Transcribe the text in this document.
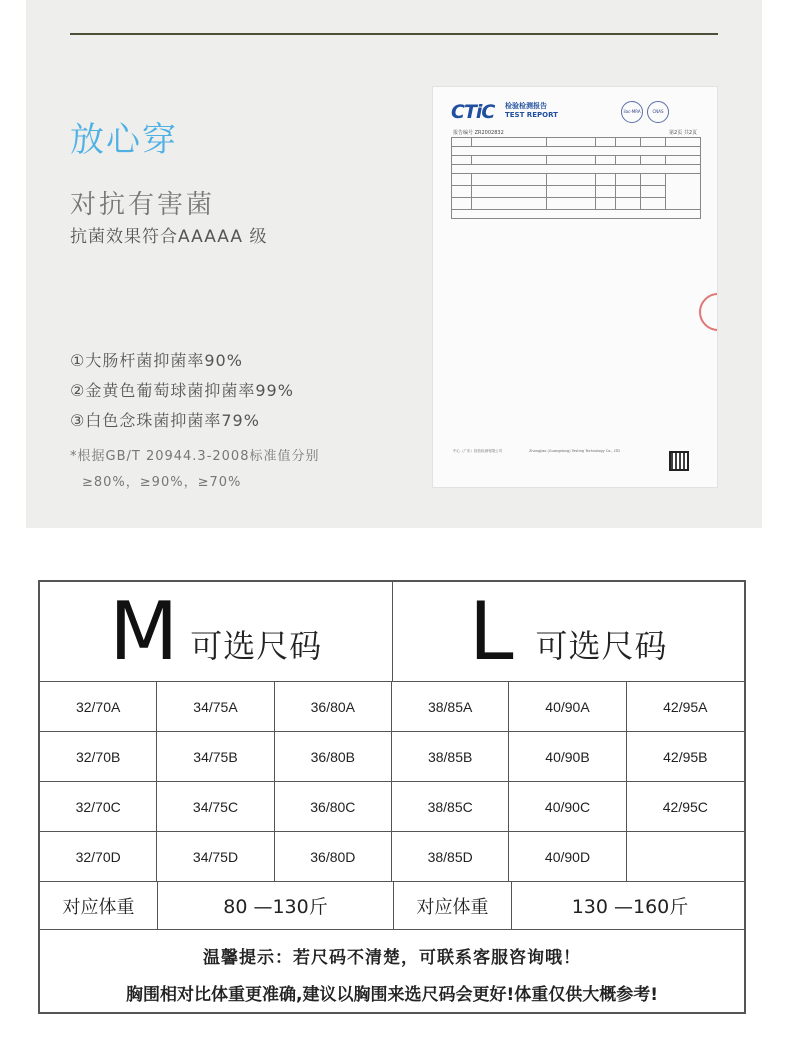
放心穿
对抗有害菌
抗菌效果符合AAAAA 级
①大肠杆菌抑菌率90%
②金黄色葡萄球菌抑菌率99%
③白色念珠菌抑菌率79%
*根据GB/T 20944.3-2008标准值分别
≥80%，≥90%，≥70%
CTiC 检验检测报告
TEST REPORT	ilac-MRA	CNAS
报告编号 ZR2002832	第2页 共2页

中心（广东）检验检测有限公司	Zhongjiao (Guangdong) Testing Technology Co., LTD
M 可选尺码 L 可选尺码
32/70A	34/75A	36/80A	38/85A	40/90A	42/95A
32/70B	34/75B	36/80B	38/85B	40/90B	42/95B
32/70C	34/75C	36/80C	38/85C	40/90C	42/95C
32/70D	34/75D	36/80D	38/85D	40/90D
对应体重	80 —130斤	对应体重	130 —160斤
温馨提示：若尺码不清楚，可联系客服咨询哦！
胸围相对比体重更准确,建议以胸围来选尺码会更好!体重仅供大概参考!
